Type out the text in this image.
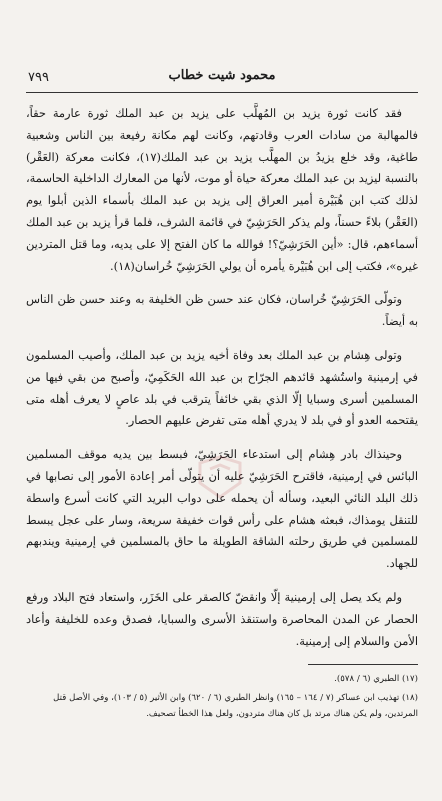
٧٩٩	محمود شيت خطاب

فقد كانت ثورة يزيد بن المُهلَّب على يزيد بن عبد الملك ثورة عارمة حقاً، فالمهالبة من سادات العرب وقادتهم، وكانت لهم مكانة رفيعة بين الناس وشعبية طاغية، وقد خلع يزيدُ بن المهلَّب يزيد بن عبد الملك(١٧)، فكانت معركة (العَقْر) بالنسبة ليزيد بن عبد الملك معركة حياة أو موت، لأنها من المعارك الداخلية الحاسمة، لذلك كتب ابن هُبَيْرة أمير العراق إلى يزيد بن عبد الملك بأسماء الذين أبلوا يوم (العَقْر) بلاءً حسناً، ولم يذكر الحَرَشِيّ في قائمة الشرف، فلما قرأ يزيد بن عبد الملك أسماءهم، قال: «أين الحَرَشِيّ؟! فوالله ما كان الفتح إلا على يديه، وما قتل المتردين غيره»، فكتب إلى ابن هُبَيْرة يأمره أن يولي الحَرَشِيّ خُراسان(١٨).

وتولّى الحَرَشِيّ خُراسان، فكان عند حسن ظن الخليفة به وعند حسن ظن الناس به أيضاً.

وتولى هِشام بن عبد الملك بعد وفاة أخيه يزيد بن عبد الملك، وأصيب المسلمون في إرمينية واستُشهد قائدهم الجرّاح بن عبد الله الحَكَمِيّ، وأصبح من بقي فيها من المسلمين أسرى وسبايا إلّا الذي بقي خائفاً يترقب في بلد عاصٍ لا يعرف أهله متى يقتحمه العدو أو في بلد لا يدري أهله متى تفرض عليهم الحصار.

وحينذاك بادر هِشام إلى استدعاء الحَرَشِيّ، فبسط بين يديه موقف المسلمين البائس في إرمينية، فاقترح الحَرَشِيّ عليه أن يتولّى أمر إعادة الأمور إلى نصابها في ذلك البلد النائي البعيد، وسأله أن يحمله على دواب البريد التي كانت أسرع واسطة للتنقل يومذاك، فبعثه هشام على رأس قوات خفيفة سريعة، وسار على عجل يبسط للمسلمين في طريق رحلته الشاقة الطويلة ما حاق بالمسلمين في إرمينية ويندبهم للجهاد.

ولم يكد يصل إلى إرمينية إلّا وانقضّ كالصقر على الخَزَر، واستعاد فتح البلاد ورفع الحصار عن المدن المحاصرة واستنقذ الأسرى والسبايا، فصدق وعده للخليفة وأعاد الأمن والسلام إلى إرمينية.

(١٧) الطبري (٦ / ٥٧٨).

(١٨) تهذيب ابن عساكر (٧ / ١٦٤ – ١٦٥) وانظر الطبري (٦ / ٦٢٠) وابن الأثير (٥ / ١٠٣)، وفي الأصل قتل المرتدين، ولم يكن هناك مرتد بل كان هناك متردون، ولعل هذا الخطأ تصحيف.
